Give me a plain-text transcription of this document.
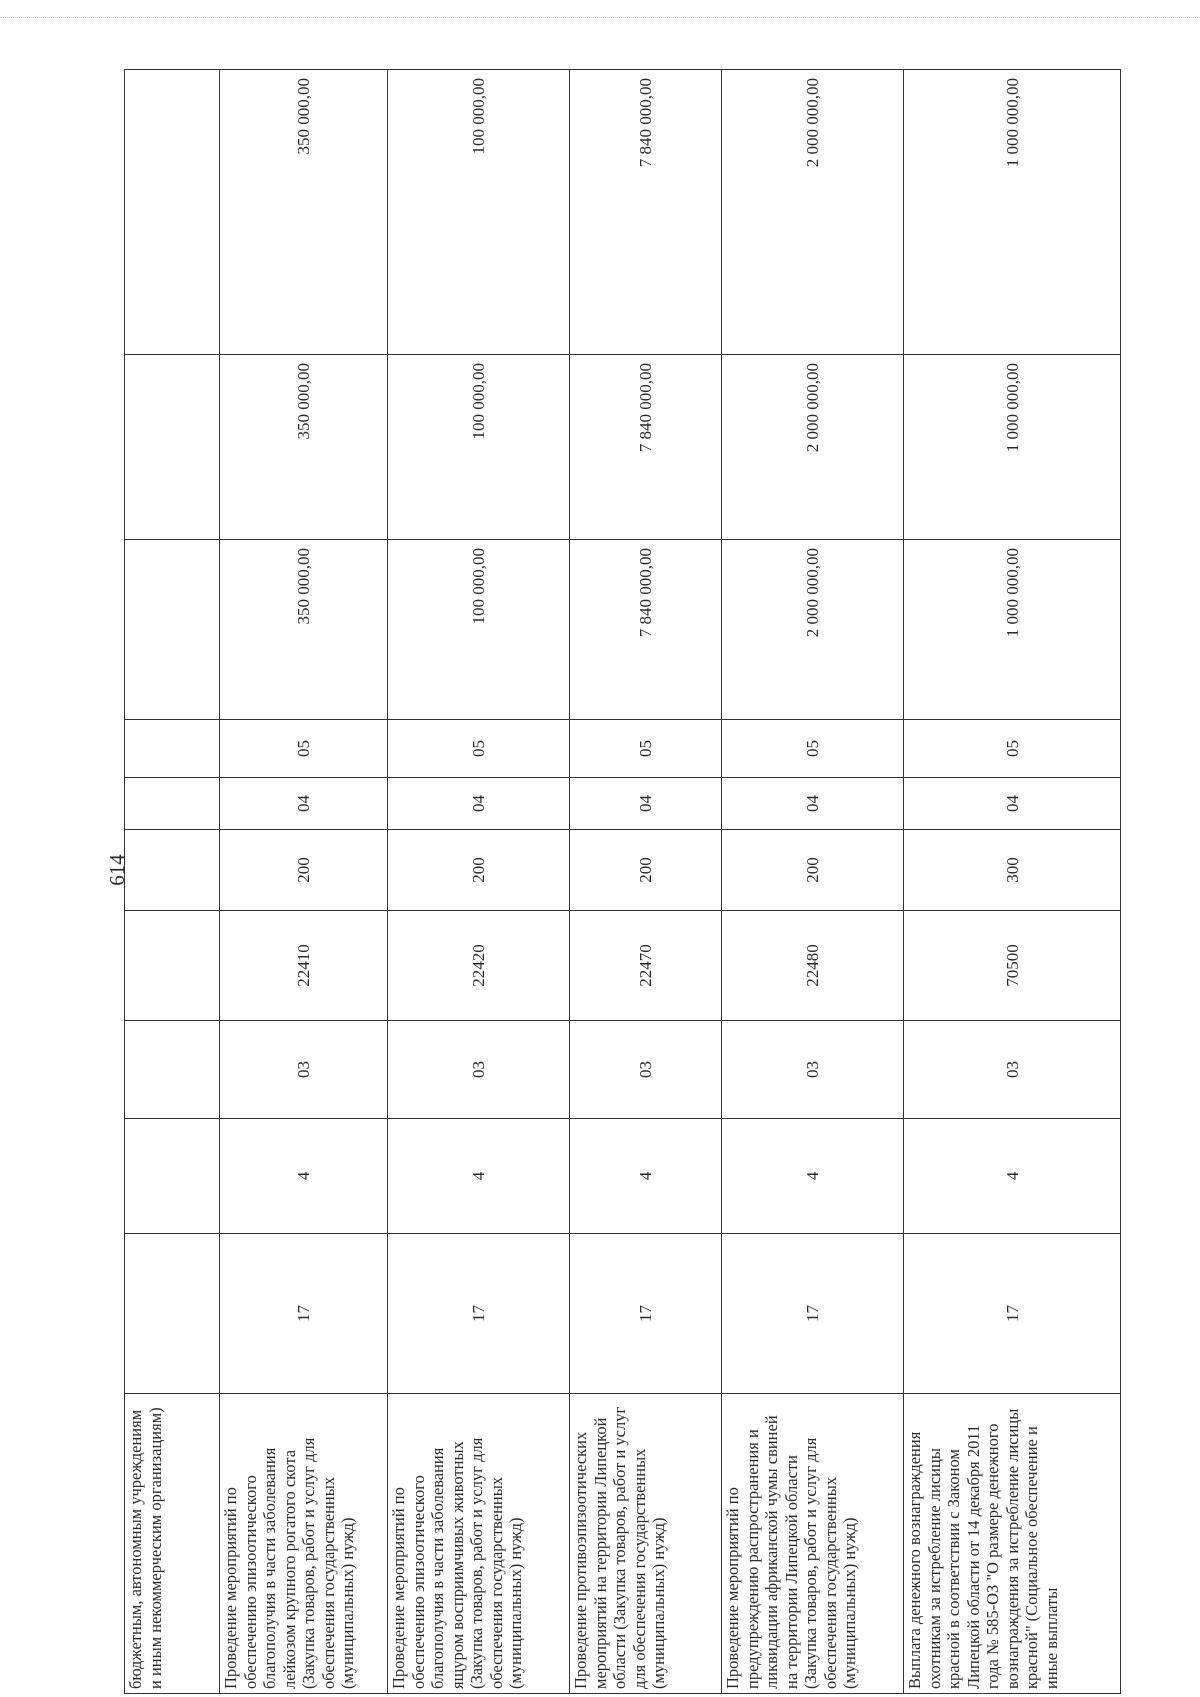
614
бюджетным, автономным учреждениям и иным некоммерческим организациям)										
Проведение мероприятий по обеспечению эпизоотического благополучия в части заболевания лейкозом крупного рогатого скота (Закупка товаров, работ и услуг для обеспечения государственных (муниципальных) нужд)	17	4	03	22410	200	04	05	350 000,00	350 000,00	350 000,00
Проведение мероприятий по обеспечению эпизоотического благополучия в части заболевания ящуром восприимчивых животных (Закупка товаров, работ и услуг для обеспечения государственных (муниципальных) нужд)	17	4	03	22420	200	04	05	100 000,00	100 000,00	100 000,00
Проведение противоэпизоотических мероприятий на территории Липецкой области (Закупка товаров, работ и услуг для обеспечения государственных (муниципальных) нужд)	17	4	03	22470	200	04	05	7 840 000,00	7 840 000,00	7 840 000,00
Проведение мероприятий по предупреждению распространения и ликвидации африканской чумы свиней на территории Липецкой области (Закупка товаров, работ и услуг для обеспечения государственных (муниципальных) нужд)	17	4	03	22480	200	04	05	2 000 000,00	2 000 000,00	2 000 000,00
Выплата денежного вознаграждения охотникам за истребление лисицы красной в соответствии с Законом Липецкой области от 14 декабря 2011 года № 585-ОЗ "О размере денежного вознаграждения за истребление лисицы красной" (Социальное обеспечение и иные выплаты	17	4	03	70500	300	04	05	1 000 000,00	1 000 000,00	1 000 000,00
